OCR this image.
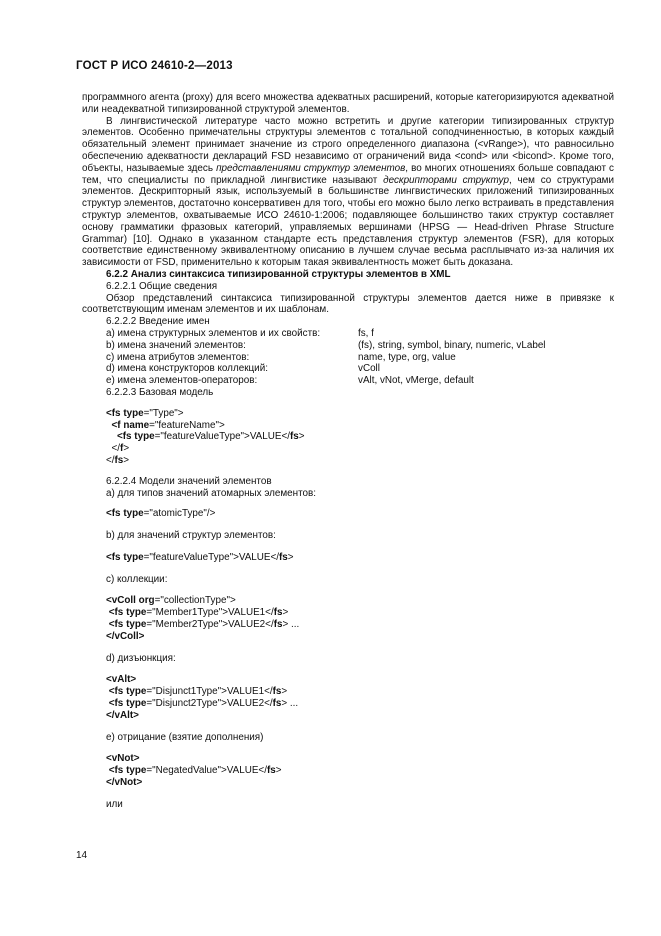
ГОСТ Р ИСО 24610-2—2013

программного агента (proxy) для всего множества адекватных расширений, которые категоризируются адекватной или неадекватной типизированной структурой элементов.

В лингвистической литературе часто можно встретить и другие категории типизированных структур элементов. Особенно примечательны структуры элементов с тотальной соподчиненностью, в которых каждый обязательный элемент принимает значение из строго определенного диапазона (<vRange>), что равносильно обеспечению адекватности деклараций FSD независимо от ограничений вида <cond> или <bicond>. Кроме того, объекты, называемые здесь представлениями структур элементов, во многих отношениях больше совпадают с тем, что специалисты по прикладной лингвистике называют дескрипторами структур, чем со структурами элементов. Дескрипторный язык, используемый в большинстве лингвистических приложений типизированных структур элементов, достаточно консервативен для того, чтобы его можно было легко встраивать в представления структур элементов, охватываемые ИСО 24610-1:2006; подавляющее большинство таких структур составляет основу грамматики фразовых категорий, управляемых вершинами (HPSG — Head-driven Phrase Structure Grammar) [10]. Однако в указанном стандарте есть представления структур элементов (FSR), для которых соответствие единственному эквивалентному описанию в лучшем случае весьма расплывчато из-за наличия их зависимости от FSD, применительно к которым такая эквивалентность может быть доказана.

6.2.2 Анализ синтаксиса типизированной структуры элементов в XML

6.2.2.1 Общие сведения

Обзор представлений синтаксиса типизированной структуры элементов дается ниже в привязке к соответствующим именам элементов и их шаблонам.

6.2.2.2 Введение имен

a) имена структурных элементов и их свойств:	fs, f
b) имена значений элементов:	(fs), string, symbol, binary, numeric, vLabel
c) имена атрибутов элементов:	name, type, org, value
d) имена конструкторов коллекций:	vColl
e) имена элементов-операторов:	vAlt, vNot, vMerge, default

6.2.2.3 Базовая модель

<fs type="Type">
<f name="featureName">
<fs type="featureValueType">VALUE</fs>
</f>
</fs>

6.2.2.4 Модели значений элементов

a) для типов значений атомарных элементов:

<fs type="atomicType"/>

b) для значений структур элементов:

<fs type="featureValueType">VALUE</fs>

c) коллекции:

<vColl org="collectionType">
<fs type="Member1Type">VALUE1</fs>
<fs type="Member2Type">VALUE2</fs> ...
</vColl>

d) дизъюнкция:

<vAlt>
<fs type="Disjunct1Type">VALUE1</fs>
<fs type="Disjunct2Type">VALUE2</fs> ...
</vAlt>

e) отрицание (взятие дополнения)

<vNot>
<fs type="NegatedValue">VALUE</fs>
</vNot>

или

14
